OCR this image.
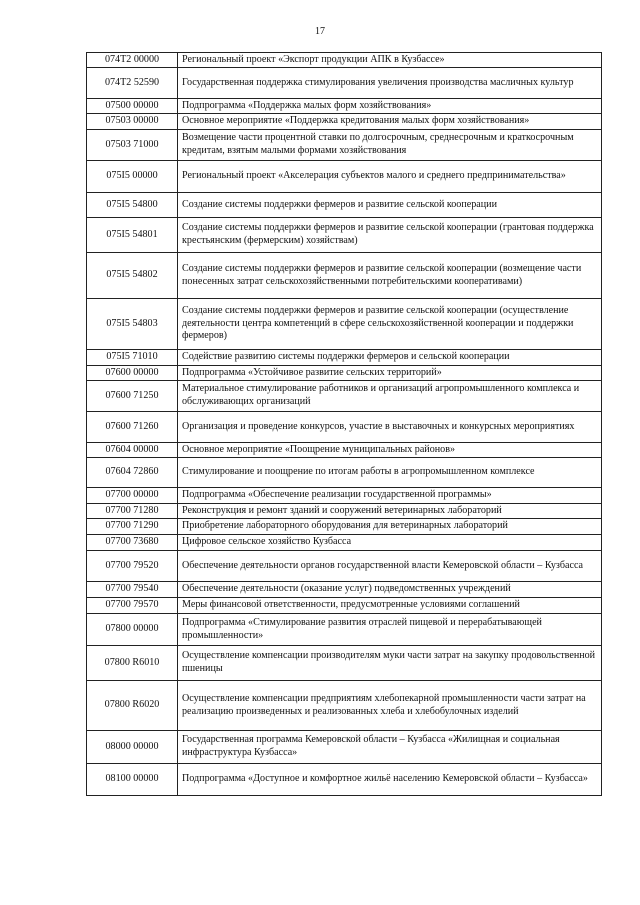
17
074T2 00000	Региональный проект «Экспорт продукции АПК в Кузбассе»
074T2 52590	Государственная поддержка стимулирования увеличения производства масличных культур
07500 00000	Подпрограмма «Поддержка малых форм хозяйствования»
07503 00000	Основное мероприятие «Поддержка кредитования малых форм хозяйствования»
07503 71000	Возмещение части процентной ставки по долгосрочным, среднесрочным и краткосрочным кредитам, взятым малыми формами хозяйствования
075I5 00000	Региональный проект «Акселерация субъектов малого и среднего предпринимательства»
075I5 54800	Создание системы поддержки фермеров и развитие сельской кооперации
075I5 54801	Создание системы поддержки фермеров и развитие сельской кооперации (грантовая поддержка крестьянским (фермерским) хозяйствам)
075I5 54802	Создание системы поддержки фермеров и развитие сельской кооперации (возмещение части понесенных затрат сельскохозяйственными потребительскими кооперативами)
075I5 54803	Создание системы поддержки фермеров и развитие сельской кооперации (осуществление деятельности центра компетенций в сфере сельскохозяйственной кооперации и поддержки фермеров)
075I5 71010	Содействие развитию системы поддержки фермеров и сельской кооперации
07600 00000	Подпрограмма «Устойчивое развитие сельских территорий»
07600 71250	Материальное стимулирование работников и организаций агропромышленного комплекса и обслуживающих организаций
07600 71260	Организация и проведение конкурсов, участие в выставочных и конкурсных мероприятиях
07604 00000	Основное мероприятие «Поощрение муниципальных районов»
07604 72860	Стимулирование и поощрение по итогам работы в агропромышленном комплексе
07700 00000	Подпрограмма «Обеспечение реализации государственной программы»
07700 71280	Реконструкция и ремонт зданий и сооружений ветеринарных лабораторий
07700 71290	Приобретение лабораторного оборудования для ветеринарных лабораторий
07700 73680	Цифровое сельское хозяйство Кузбасса
07700 79520	Обеспечение деятельности органов государственной власти Кемеровской области – Кузбасса
07700 79540	Обеспечение деятельности (оказание услуг) подведомственных учреждений
07700 79570	Меры финансовой ответственности, предусмотренные условиями соглашений
07800 00000	Подпрограмма «Стимулирование развития отраслей пищевой и перерабатывающей промышленности»
07800 R6010	Осуществление компенсации производителям муки части затрат на закупку продовольственной пшеницы
07800 R6020	Осуществление компенсации предприятиям хлебопекарной промышленности части затрат на реализацию произведенных и реализованных хлеба и хлебобулочных изделий
08000 00000	Государственная программа Кемеровской области – Кузбасса «Жилищная и социальная инфраструктура Кузбасса»
08100 00000	Подпрограмма «Доступное и комфортное жильё населению Кемеровской области – Кузбасса»
